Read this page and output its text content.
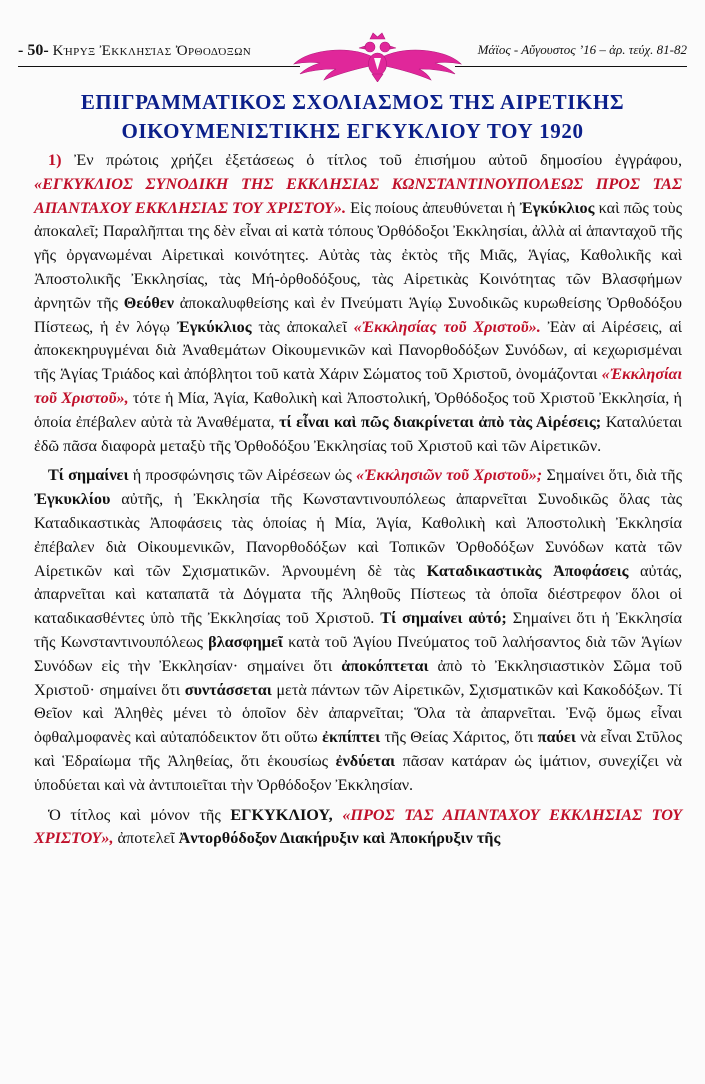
- 50- Κήρυξ Ἐκκλησίας Ὀρθοδόξων	Μάϊος - Αὔγουστος ’16 – ἀρ. τεύχ. 81-82
ΕΠΙΓΡΑΜΜΑΤΙΚΟΣ ΣΧΟΛΙΑΣΜΟΣ ΤΗΣ ΑΙΡΕΤΙΚΗΣ
ΟΙΚΟΥΜΕΝΙΣΤΙΚΗΣ ΕΓΚΥΚΛΙΟΥ ΤΟΥ 1920

1) Ἐν πρώτοις χρήζει ἐξετάσεως ὁ τίτλος τοῦ ἐπισήμου αὐτοῦ δημοσίου ἐγγράφου, «ΕΓΚΥΚΛΙΟΣ ΣΥΝΟΔΙΚΗ ΤΗΣ ΕΚΚΛΗΣΙΑΣ ΚΩΝΣΤΑΝΤΙΝΟΥΠΟΛΕΩΣ ΠΡΟΣ ΤΑΣ ΑΠΑΝΤΑΧΟΥ ΕΚΚΛΗΣΙΑΣ ΤΟΥ ΧΡΙΣΤΟΥ». Εἰς ποίους ἀπευθύνεται ἡ Ἐγκύκλιος καὶ πῶς τοὺς ἀποκαλεῖ; Παραλῆπται της δὲν εἶναι αἱ κατὰ τόπους Ὀρθόδοξοι Ἐκκλησίαι, ἀλλὰ αἱ ἁπανταχοῦ τῆς γῆς ὀργανωμέναι Αἱρετικαὶ κοινότητες. Αὐτὰς τὰς ἐκτὸς τῆς Μιᾶς, Ἁγίας, Καθολικῆς καὶ Ἀποστολικῆς Ἐκκλησίας, τὰς Μή-ὀρθοδόξους, τὰς Αἱρετικὰς Κοινότητας τῶν Βλασφήμων ἀρνητῶν τῆς Θεόθεν ἀποκαλυφθείσης καὶ ἐν Πνεύματι Ἁγίῳ Συνοδικῶς κυρωθείσης Ὀρθοδόξου Πίστεως, ἡ ἐν λόγῳ Ἐγκύκλιος τὰς ἀποκαλεῖ «Ἐκκλησίας τοῦ Χριστοῦ». Ἐὰν αἱ Αἱρέσεις, αἱ ἀποκεκηρυγμέναι διὰ Ἀναθεμάτων Οἰκουμενικῶν καὶ Πανορθοδόξων Συνόδων, αἱ κεχωρισμέναι τῆς Ἁγίας Τριάδος καὶ ἀπόβλητοι τοῦ κατὰ Χάριν Σώματος τοῦ Χριστοῦ, ὀνομάζονται «Ἐκκλησίαι τοῦ Χριστοῦ», τότε ἡ Μία, Ἁγία, Καθολικὴ καὶ Ἀποστολική, Ὀρθόδοξος τοῦ Χριστοῦ Ἐκκλησία, ἡ ὁποία ἐπέβαλεν αὐτὰ τὰ Ἀναθέματα, τί εἶναι καὶ πῶς διακρίνεται ἀπὸ τὰς Αἱρέσεις; Καταλύεται ἐδῶ πᾶσα διαφορὰ μεταξὺ τῆς Ὀρθοδόξου Ἐκκλησίας τοῦ Χριστοῦ καὶ τῶν Αἱρετικῶν.

Τί σημαίνει ἡ προσφώνησις τῶν Αἱρέσεων ὡς «Ἐκκλησιῶν τοῦ Χριστοῦ»; Σημαίνει ὅτι, διὰ τῆς Ἐγκυκλίου αὐτῆς, ἡ Ἐκκλησία τῆς Κωνσταντινουπόλεως ἀπαρνεῖται Συνοδικῶς ὅλας τὰς Καταδικαστικὰς Ἀποφάσεις τὰς ὁποίας ἡ Μία, Ἁγία, Καθολικὴ καὶ Ἀποστολικὴ Ἐκκλησία ἐπέβαλεν διὰ Οἰκουμενικῶν, Πανορθοδόξων καὶ Τοπικῶν Ὀρθοδόξων Συνόδων κατὰ τῶν Αἱρετικῶν καὶ τῶν Σχισματικῶν. Ἀρνουμένη δὲ τὰς Καταδικαστικὰς Ἀποφάσεις αὐτάς, ἀπαρνεῖται καὶ καταπατᾶ τὰ Δόγματα τῆς Ἀληθοῦς Πίστεως τὰ ὁποῖα διέστρεφον ὅλοι οἱ καταδικασθέντες ὑπὸ τῆς Ἐκκλησίας τοῦ Χριστοῦ. Τί σημαίνει αὐτό; Σημαίνει ὅτι ἡ Ἐκκλησία τῆς Κωνσταντινουπόλεως βλασφημεῖ κατὰ τοῦ Ἁγίου Πνεύματος τοῦ λαλήσαντος διὰ τῶν Ἁγίων Συνόδων εἰς τὴν Ἐκκλησίαν· σημαίνει ὅτι ἀποκόπτεται ἀπὸ τὸ Ἐκκλησιαστικὸν Σῶμα τοῦ Χριστοῦ· σημαίνει ὅτι συντάσσεται μετὰ πάντων τῶν Αἱρετικῶν, Σχισματικῶν καὶ Κακοδόξων. Τί Θεῖον καὶ Ἀληθὲς μένει τὸ ὁποῖον δὲν ἀπαρνεῖται; Ὅλα τὰ ἀπαρνεῖται. Ἐνῷ ὅμως εἶναι ὀφθαλμοφανὲς καὶ αὐταπόδεικτον ὅτι οὕτω ἐκπίπτει τῆς Θείας Χάριτος, ὅτι παύει νὰ εἶναι Στῦλος καὶ Ἑδραίωμα τῆς Ἀληθείας, ὅτι ἑκουσίως ἐνδύεται πᾶσαν κατάραν ὡς ἱμάτιον, συνεχίζει νὰ ὑποδύεται καὶ νὰ ἀντιποιεῖται τὴν Ὀρθόδοξον Ἐκκλησίαν.

Ὁ τίτλος καὶ μόνον τῆς ΕΓΚΥΚΛΙΟΥ, «ΠΡΟΣ ΤΑΣ ΑΠΑΝΤΑΧΟΥ ΕΚΚΛΗΣΙΑΣ ΤΟΥ ΧΡΙΣΤΟΥ», ἀποτελεῖ Ἀντορθόδοξον Διακήρυξιν καὶ Ἀποκήρυξιν τῆς
